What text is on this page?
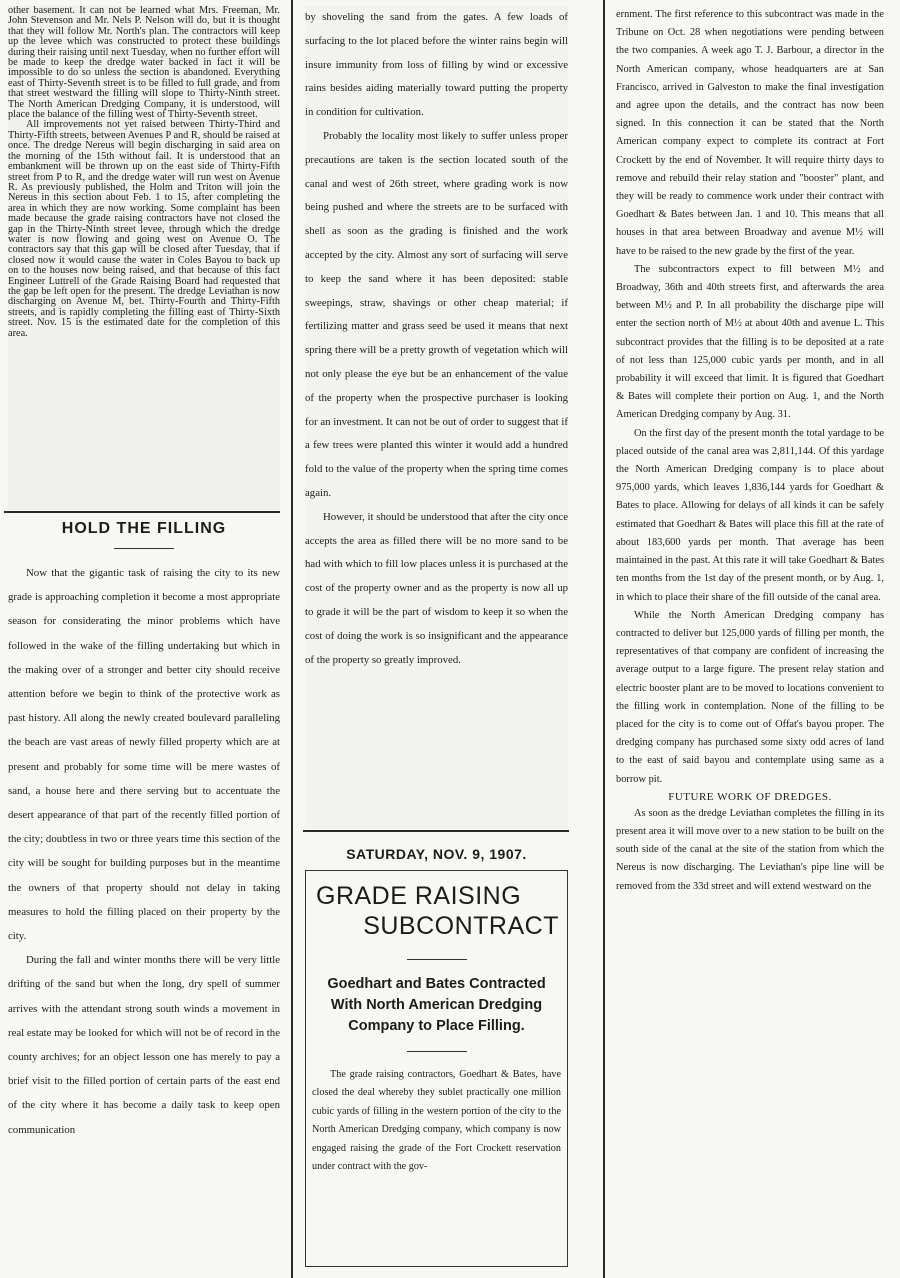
other basement. It can not be learned what Mrs. Freeman, Mr. John Stevenson and Mr. Nels P. Nelson will do, but it is thought that they will follow Mr. North's plan. The contractors will keep up the levee which was constructed to protect these buildings during their raising until next Tuesday, when no further effort will be made to keep the dredge water backed in fact it will be impossible to do so unless the section is abandoned. Everything east of Thirty-Seventh street is to be filled to full grade, and from that street westward the filling will slope to Thirty-Ninth street. The North American Dredging Company, it is understood, will place the balance of the filling west of Thirty-Seventh street.

All improvements not yet raised between Thirty-Third and Thirty-Fifth streets, between Avenues P and R, should be raised at once. The dredge Nereus will begin discharging in said area on the morning of the 15th without fail. It is understood that an embankment will be thrown up on the east side of Thirty-Fifth street from P to R, and the dredge water will run west on Avenue R. As previously published, the Holm and Triton will join the Nereus in this section about Feb. 1 to 15, after completing the area in which they are now working. Some complaint has been made because the grade raising contractors have not closed the gap in the Thirty-Ninth street levee, through which the dredge water is now flowing and going west on Avenue O. The contractors say that this gap will be closed after Tuesday, that if closed now it would cause the water in Coles Bayou to back up on to the houses now being raised, and that because of this fact Engineer Luttrell of the Grade Raising Board had requested that the gap be left open for the present. The dredge Leviathan is now discharging on Avenue M, bet. Thirty-Fourth and Thirty-Fifth streets, and is rapidly completing the filling east of Thirty-Sixth street. Nov. 15 is the estimated date for the completion of this area.

HOLD THE FILLING

Now that the gigantic task of raising the city to its new grade is approaching completion it become a most appropriate season for considerating the minor problems which have followed in the wake of the filling undertaking but which in the making over of a stronger and better city should receive attention before we begin to think of the protective work as past history. All along the newly created boulevard paralleling the beach are vast areas of newly filled property which are at present and probably for some time will be mere wastes of sand, a house here and there serving but to accentuate the desert appearance of that part of the recently filled portion of the city; doubtless in two or three years time this section of the city will be sought for building purposes but in the meantime the owners of that property should not delay in taking measures to hold the filling placed on their property by the city.

During the fall and winter months there will be very little drifting of the sand but when the long, dry spell of summer arrives with the attendant strong south winds a movement in real estate may be looked for which will not be of record in the county archives; for an object lesson one has merely to pay a brief visit to the filled portion of certain parts of the east end of the city where it has become a daily task to keep open communication

by shoveling the sand from the gates. A few loads of surfacing to the lot placed before the winter rains begin will insure immunity from loss of filling by wind or excessive rains besides aiding materially toward putting the property in condition for cultivation.

Probably the locality most likely to suffer unless proper precautions are taken is the section located south of the canal and west of 26th street, where grading work is now being pushed and where the streets are to be surfaced with shell as soon as the grading is finished and the work accepted by the city. Almost any sort of surfacing will serve to keep the sand where it has been deposited: stable sweepings, straw, shavings or other cheap material; if fertilizing matter and grass seed be used it means that next spring there will be a pretty growth of vegetation which will not only please the eye but be an enhancement of the value of the property when the prospective purchaser is looking for an investment. It can not be out of order to suggest that if a few trees were planted this winter it would add a hundred fold to the value of the property when the spring time comes again.

However, it should be understood that after the city once accepts the area as filled there will be no more sand to be had with which to fill low places unless it is purchased at the cost of the property owner and as the property is now all up to grade it will be the part of wisdom to keep it so when the cost of doing the work is so insignificant and the appearance of the property so greatly improved.

SATURDAY, NOV. 9, 1907.
GRADE RAISING
SUBCONTRACT
Goedhart and Bates Contracted With North American Dredging Company to Place Filling.

The grade raising contractors, Goedhart & Bates, have closed the deal whereby they sublet practically one million cubic yards of filling in the western portion of the city to the North American Dredging company, which company is now engaged raising the grade of the Fort Crockett reservation under contract with the gov-

ernment. The first reference to this subcontract was made in the Tribune on Oct. 28 when negotiations were pending between the two companies. A week ago T. J. Barbour, a director in the North American company, whose headquarters are at San Francisco, arrived in Galveston to make the final investigation and agree upon the details, and the contract has now been signed. In this connection it can be stated that the North American company expect to complete its contract at Fort Crockett by the end of November. It will require thirty days to remove and rebuild their relay station and "booster" plant, and they will be ready to commence work under their contract with Goedhart & Bates between Jan. 1 and 10. This means that all houses in that area between Broadway and avenue M½ will have to be raised to the new grade by the first of the year.

The subcontractors expect to fill between M½ and Broadway, 36th and 40th streets first, and afterwards the area between M½ and P. In all probability the discharge pipe will enter the section north of M½ at about 40th and avenue L. This subcontract provides that the filling is to be deposited at a rate of not less than 125,000 cubic yards per month, and in all probability it will exceed that limit. It is figured that Goedhart & Bates will complete their portion on Aug. 1, and the North American Dredging company by Aug. 31.

On the first day of the present month the total yardage to be placed outside of the canal area was 2,811,144. Of this yardage the North American Dredging company is to place about 975,000 yards, which leaves 1,836,144 yards for Goedhart & Bates to place. Allowing for delays of all kinds it can be safely estimated that Goedhart & Bates will place this fill at the rate of about 183,600 yards per month. That average has been maintained in the past. At this rate it will take Goedhart & Bates ten months from the 1st day of the present month, or by Aug. 1, in which to place their share of the fill outside of the canal area.

While the North American Dredging company has contracted to deliver but 125,000 yards of filling per month, the representatives of that company are confident of increasing the average output to a large figure. The present relay station and electric booster plant are to be moved to locations convenient to the filling work in contemplation. None of the filling to be placed for the city is to come out of Offat's bayou proper. The dredging company has purchased some sixty odd acres of land to the east of said bayou and contemplate using same as a borrow pit.

FUTURE WORK OF DREDGES.

As soon as the dredge Leviathan completes the filling in its present area it will move over to a new station to be built on the south side of the canal at the site of the station from which the Nereus is now discharging. The Leviathan's pipe line will be removed from the 33d street and will extend westward on the
